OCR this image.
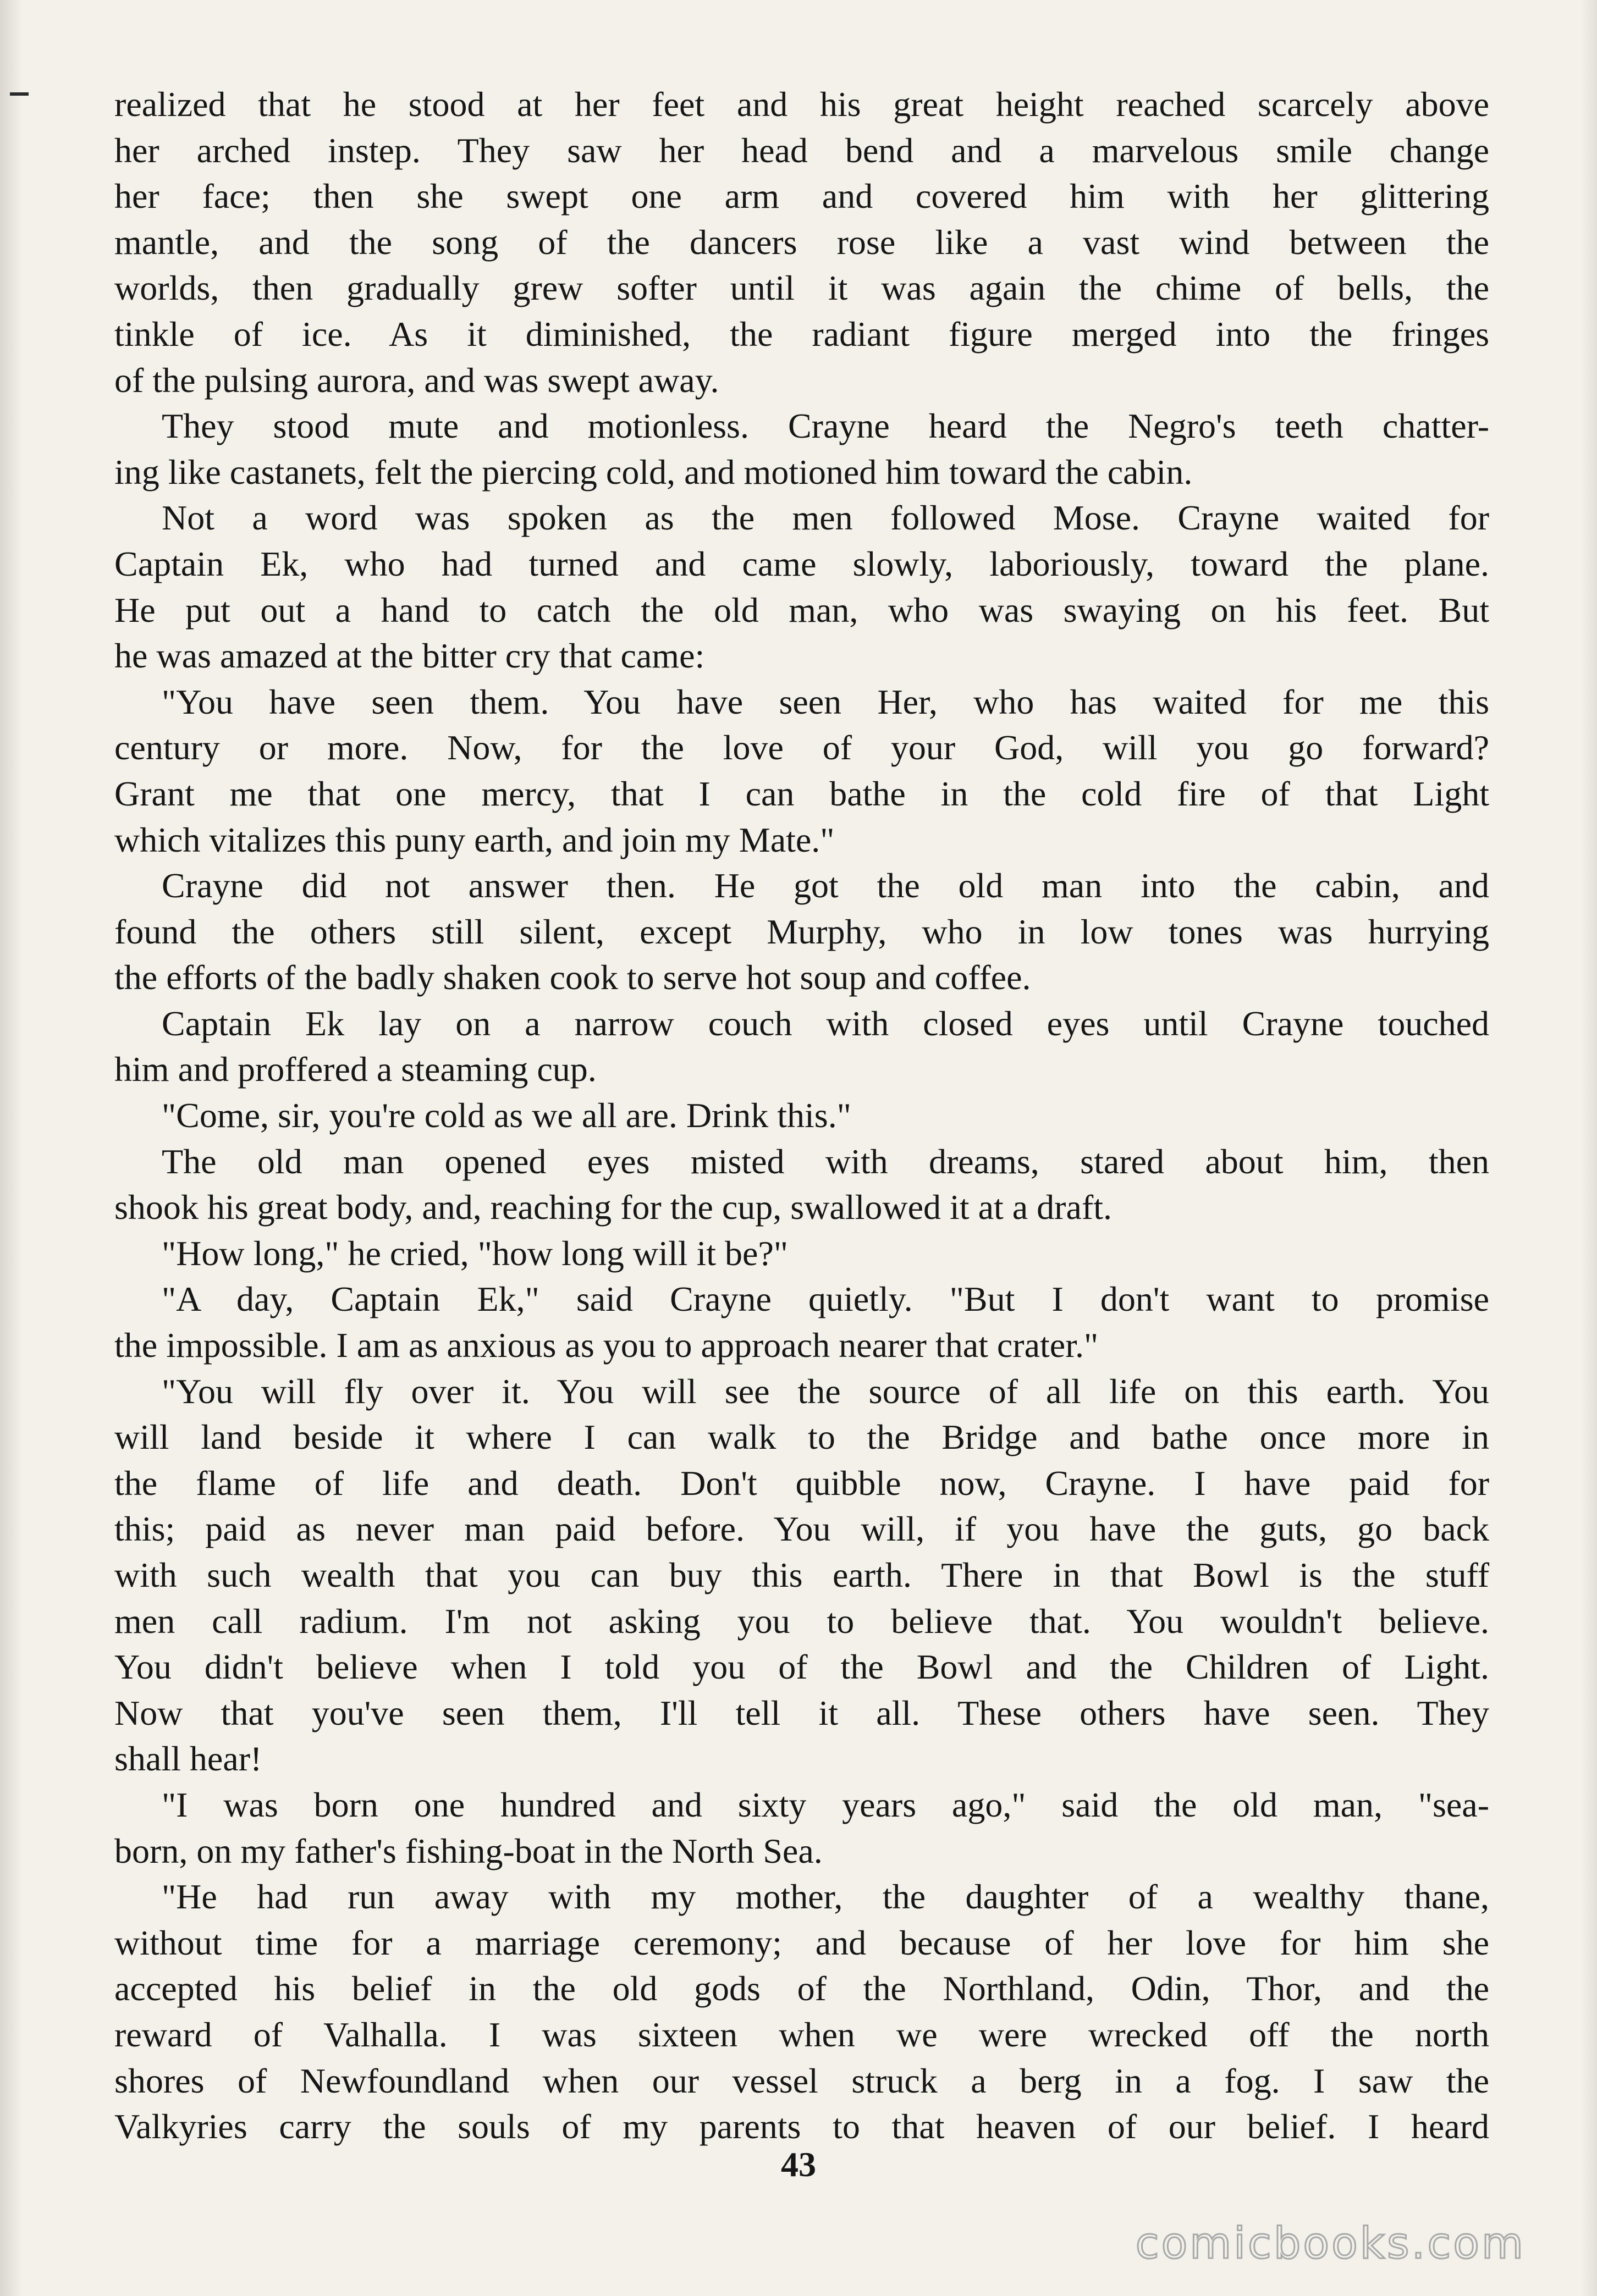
realized that he stood at her feet and his great height reached scarcely above
her arched instep. They saw her head bend and a marvelous smile change
her face; then she swept one arm and covered him with her glittering
mantle, and the song of the dancers rose like a vast wind between the
worlds, then gradually grew softer until it was again the chime of bells, the
tinkle of ice. As it diminished, the radiant figure merged into the fringes
of the pulsing aurora, and was swept away.
They stood mute and motionless. Crayne heard the Negro's teeth chatter-
ing like castanets, felt the piercing cold, and motioned him toward the cabin.
Not a word was spoken as the men followed Mose. Crayne waited for
Captain Ek, who had turned and came slowly, laboriously, toward the plane.
He put out a hand to catch the old man, who was swaying on his feet. But
he was amazed at the bitter cry that came:
"You have seen them. You have seen Her, who has waited for me this
century or more. Now, for the love of your God, will you go forward?
Grant me that one mercy, that I can bathe in the cold fire of that Light
which vitalizes this puny earth, and join my Mate."
Crayne did not answer then. He got the old man into the cabin, and
found the others still silent, except Murphy, who in low tones was hurrying
the efforts of the badly shaken cook to serve hot soup and coffee.
Captain Ek lay on a narrow couch with closed eyes until Crayne touched
him and proffered a steaming cup.
"Come, sir, you're cold as we all are. Drink this."
The old man opened eyes misted with dreams, stared about him, then
shook his great body, and, reaching for the cup, swallowed it at a draft.
"How long," he cried, "how long will it be?"
"A day, Captain Ek," said Crayne quietly. "But I don't want to promise
the impossible. I am as anxious as you to approach nearer that crater."
"You will fly over it. You will see the source of all life on this earth. You
will land beside it where I can walk to the Bridge and bathe once more in
the flame of life and death. Don't quibble now, Crayne. I have paid for
this; paid as never man paid before. You will, if you have the guts, go back
with such wealth that you can buy this earth. There in that Bowl is the stuff
men call radium. I'm not asking you to believe that. You wouldn't believe.
You didn't believe when I told you of the Bowl and the Children of Light.
Now that you've seen them, I'll tell it all. These others have seen. They
shall hear!
"I was born one hundred and sixty years ago," said the old man, "sea-
born, on my father's fishing-boat in the North Sea.
"He had run away with my mother, the daughter of a wealthy thane,
without time for a marriage ceremony; and because of her love for him she
accepted his belief in the old gods of the Northland, Odin, Thor, and the
reward of Valhalla. I was sixteen when we were wrecked off the north
shores of Newfoundland when our vessel struck a berg in a fog. I saw the
Valkyries carry the souls of my parents to that heaven of our belief. I heard
43
comicbooks.com
